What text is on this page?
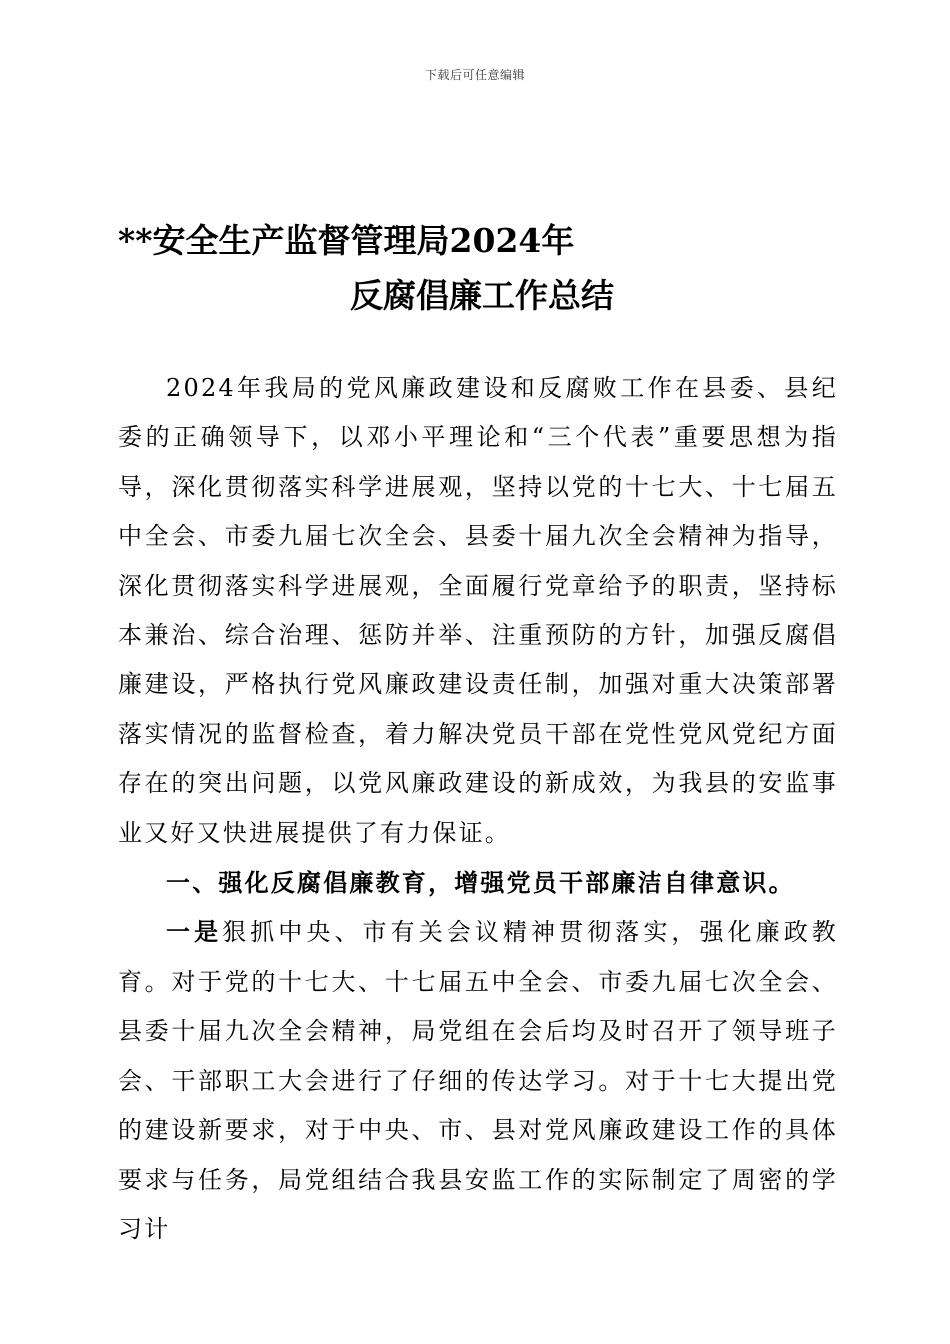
下载后可任意编辑
**安全生产监督管理局2024年
反腐倡廉工作总结

2024年我局的党风廉政建设和反腐败工作在县委、县纪委的正确领导下，以邓小平理论和“三个代表”重要思想为指导，深化贯彻落实科学进展观，坚持以党的十七大、十七届五中全会、市委九届七次全会、县委十届九次全会精神为指导，深化贯彻落实科学进展观，全面履行党章给予的职责，坚持标本兼治、综合治理、惩防并举、注重预防的方针，加强反腐倡廉建设，严格执行党风廉政建设责任制，加强对重大决策部署落实情况的监督检查，着力解决党员干部在党性党风党纪方面存在的突出问题，以党风廉政建设的新成效，为我县的安监事业又好又快进展提供了有力保证。

一、强化反腐倡廉教育，增强党员干部廉洁自律意识。

一是狠抓中央、市有关会议精神贯彻落实，强化廉政教育。对于党的十七大、十七届五中全会、市委九届七次全会、县委十届九次全会精神，局党组在会后均及时召开了领导班子会、干部职工大会进行了仔细的传达学习。对于十七大提出党的建设新要求，对于中央、市、县对党风廉政建设工作的具体要求与任务，局党组结合我县安监工作的实际制定了周密的学习计
